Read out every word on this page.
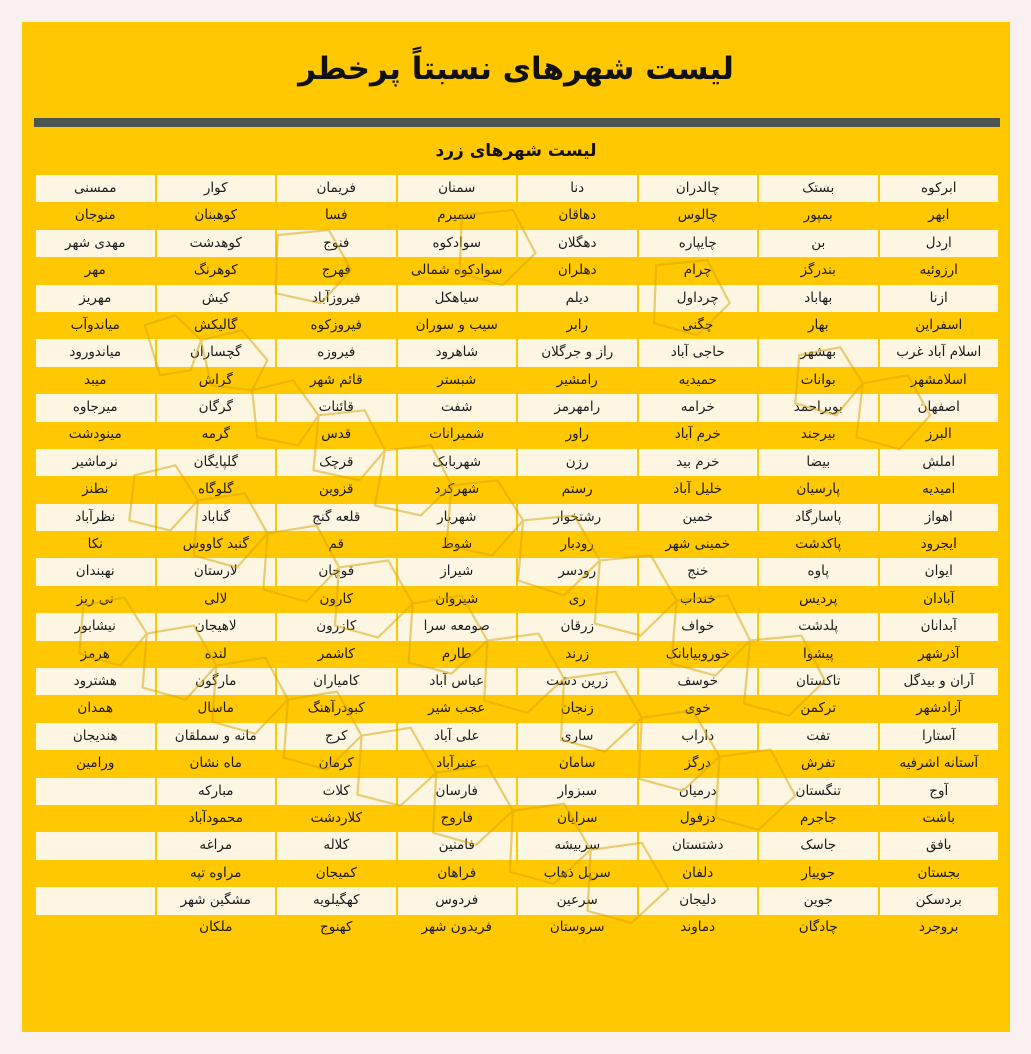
لیست شهرهای نسبتاً پرخطر
لیست شهرهای زرد
ابرکوه	بستک	چالدران	دنا	سمنان	فریمان	کوار	ممسنی
ابهر	بمپور	چالوس	دهاقان	سمیرم	فسا	کوهبنان	منوجان
اردل	بن	چایپاره	دهگلان	سوادکوه	فنوج	کوهدشت	مهدی شهر
ارزوئیه	بندرگز	چرام	دهلران	سوادکوه شمالی	فهرج	کوهرنگ	مهر
ازنا	بهاباد	چرداول	دیلم	سیاهکل	فیروزآباد	کیش	مهریز
اسفراین	بهار	چگنی	رابر	سیب و سوران	فیروزکوه	گالیکش	میاندوآب
اسلام آباد غرب	بهشهر	حاجی آباد	راز و جرگلان	شاهرود	فیروزه	گچساران	میاندورود
اسلامشهر	بوانات	حمیدیه	رامشیر	شبستر	قائم شهر	گراش	میبد
اصفهان	بویراحمد	خرامه	رامهرمز	شفت	قائنات	گرگان	میرجاوه
البرز	بیرجند	خرم آباد	راور	شمیرانات	قدس	گرمه	مینودشت
املش	بیضا	خرم بید	رزن	شهربابک	قرچک	گلپایگان	نرماشیر
امیدیه	پارسیان	خلیل آباد	رستم	شهرکرد	قزوین	گلوگاه	نطنز
اهواز	پاسارگاد	خمین	رشتخوار	شهریار	قلعه گنج	گناباد	نظرآباد
ایجرود	پاکدشت	خمینی شهر	رودبار	شوط	قم	گنبد کاووس	نکا
ایوان	پاوه	خنج	رودسر	شیراز	قوچان	لارستان	نهبندان
آبادان	پردیس	خنداب	ری	شیروان	کارون	لالی	نی ریز
آبدانان	پلدشت	خواف	زرقان	صومعه سرا	کازرون	لاهیجان	نیشابور
آذرشهر	پیشوا	خوروبیابانک	زرند	طارم	کاشمر	لنده	هرمز
آران و بیدگل	تاکستان	خوسف	زرین دشت	عباس آباد	کامیاران	مارگون	هشترود
آزادشهر	ترکمن	خوی	زنجان	عجب شیر	کبودرآهنگ	ماسال	همدان
آستارا	تفت	داراب	ساری	علی آباد	کرج	مانه و سملقان	هندیجان
آستانه اشرفیه	تفرش	درگز	سامان	عنبرآباد	کرمان	ماه نشان	ورامین
آوج	تنگستان	درمیان	سبزوار	فارسان	کلات	مبارکه	
باشت	جاجرم	دزفول	سرایان	فاروج	کلاردشت	محمودآباد	
بافق	جاسک	دشتستان	سربیشه	فامنین	کلاله	مراغه	
بجستان	جوییار	دلفان	سرپل ذهاب	فراهان	کمیجان	مراوه تپه	
بردسکن	جوین	دلیجان	سرعین	فردوس	کهگیلویه	مشگین شهر	
بروجرد	چادگان	دماوند	سروستان	فریدون شهر	کهنوج	ملکان	
